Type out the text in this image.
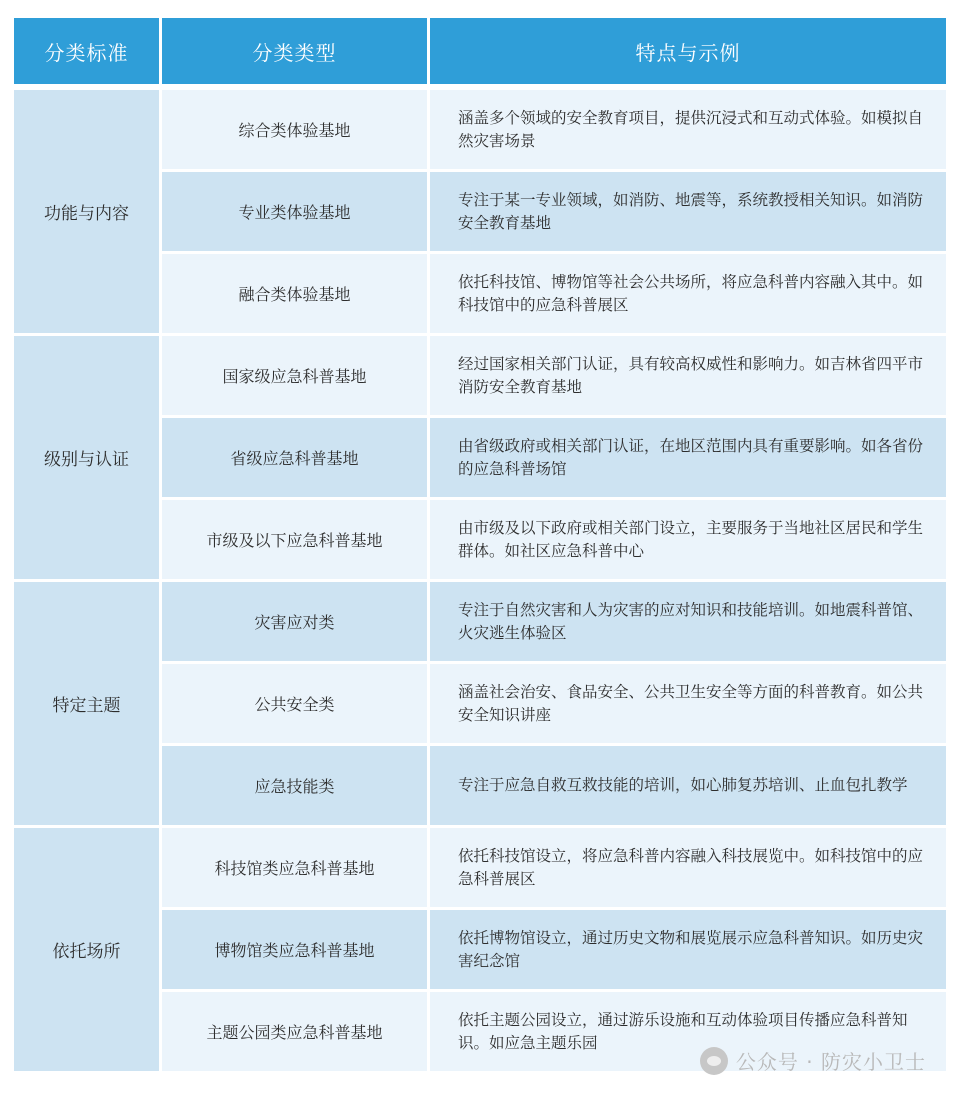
分类标准	分类类型	特点与示例
功能与内容
综合类体验基地
专业类体验基地
融合类体验基地
涵盖多个领域的安全教育项目，提供沉浸式和互动式体验。如模拟自然灾害场景
专注于某一专业领域，如消防、地震等，系统教授相关知识。如消防安全教育基地
依托科技馆、博物馆等社会公共场所，将应急科普内容融入其中。如科技馆中的应急科普展区
级别与认证
国家级应急科普基地
省级应急科普基地
市级及以下应急科普基地
经过国家相关部门认证，具有较高权威性和影响力。如吉林省四平市消防安全教育基地
由省级政府或相关部门认证，在地区范围内具有重要影响。如各省份的应急科普场馆
由市级及以下政府或相关部门设立，主要服务于当地社区居民和学生群体。如社区应急科普中心
特定主题
灾害应对类
公共安全类
应急技能类
专注于自然灾害和人为灾害的应对知识和技能培训。如地震科普馆、火灾逃生体验区
涵盖社会治安、食品安全、公共卫生安全等方面的科普教育。如公共安全知识讲座
专注于应急自救互救技能的培训，如心肺复苏培训、止血包扎教学
依托场所
科技馆类应急科普基地
博物馆类应急科普基地
主题公园类应急科普基地
依托科技馆设立，将应急科普内容融入科技展览中。如科技馆中的应急科普展区
依托博物馆设立，通过历史文物和展览展示应急科普知识。如历史灾害纪念馆
依托主题公园设立，通过游乐设施和互动体验项目传播应急科普知识。如应急主题乐园
公众号 · 防灾小卫士
